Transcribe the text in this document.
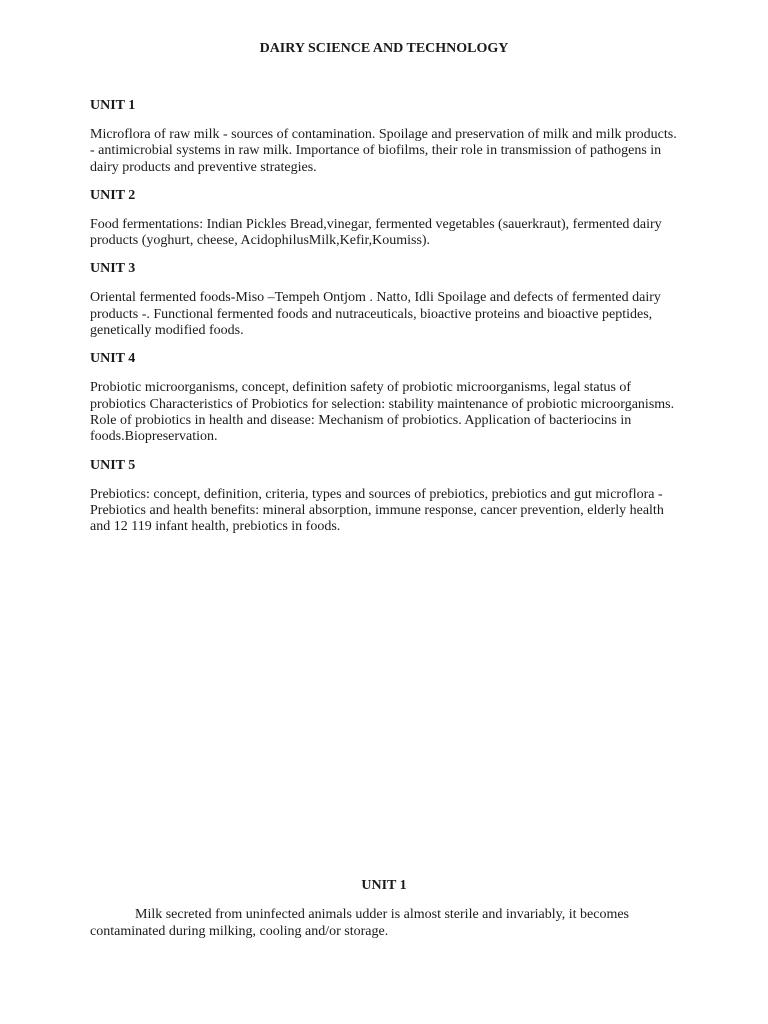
DAIRY SCIENCE AND TECHNOLOGY

UNIT 1

Microflora of raw milk - sources of contamination. Spoilage and preservation of milk and milk products. - antimicrobial systems in raw milk. Importance of biofilms, their role in transmission of pathogens in dairy products and preventive strategies.

UNIT 2

Food fermentations: Indian Pickles Bread,vinegar, fermented vegetables (sauerkraut), fermented dairy products (yoghurt, cheese, AcidophilusMilk,Kefir,Koumiss).

UNIT 3

Oriental fermented foods-Miso –Tempeh Ontjom . Natto, Idli Spoilage and defects of fermented dairy products -. Functional fermented foods and nutraceuticals, bioactive proteins and bioactive peptides, genetically modified foods.

UNIT 4

Probiotic microorganisms, concept, definition safety of probiotic microorganisms, legal status of probiotics Characteristics of Probiotics for selection: stability maintenance of probiotic microorganisms. Role of probiotics in health and disease: Mechanism of probiotics. Application of bacteriocins in foods.Biopreservation.

UNIT 5

Prebiotics: concept, definition, criteria, types and sources of prebiotics, prebiotics and gut microflora - Prebiotics and health benefits: mineral absorption, immune response, cancer prevention, elderly health and 12 119 infant health, prebiotics in foods.

UNIT 1

Milk secreted from uninfected animals udder is almost sterile and invariably, it becomes contaminated during milking, cooling and/or storage.
